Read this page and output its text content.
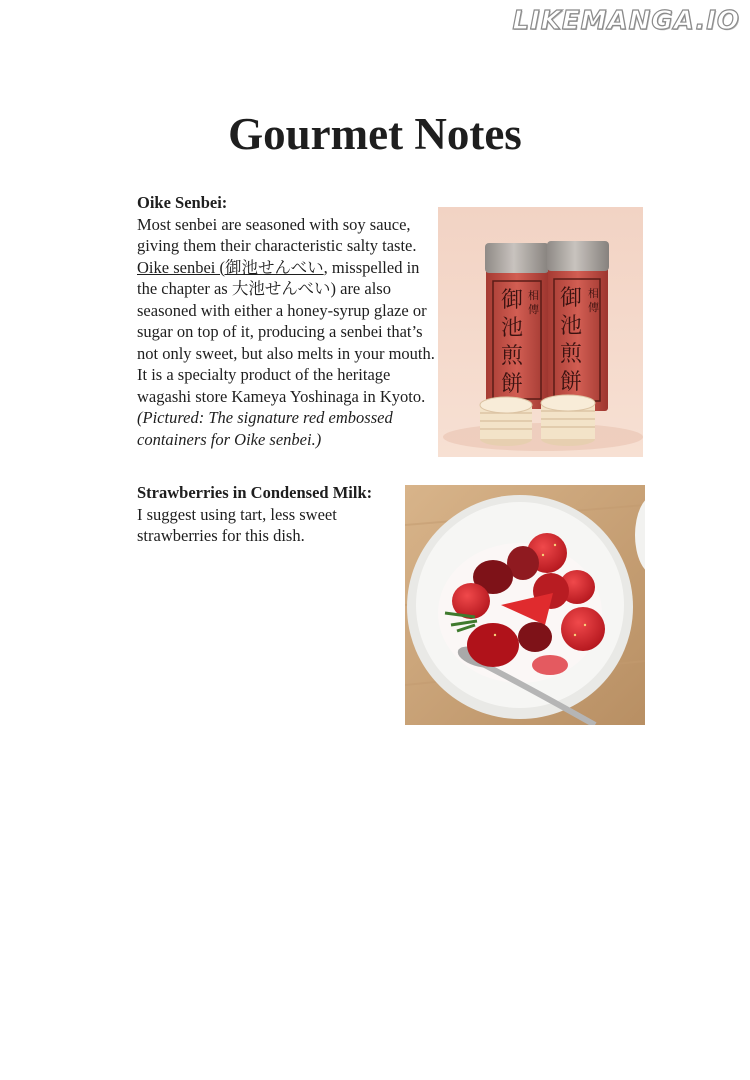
LIKEMANGA.IO
Gourmet Notes
Oike Senbei:
Most senbei are seasoned with soy sauce, giving them their characteristic salty taste. Oike senbei (御池せんべい, misspelled in the chapter as 大池せんべい) are also seasoned with either a honey-syrup glaze or sugar on top of it, producing a senbei that’s not only sweet, but also melts in your mouth. It is a specialty product of the heritage wagashi store Kameya Yoshinaga in Kyoto. (Pictured: The signature red embossed containers for Oike senbei.)
御
池
煎
餅
相
傳 御
池
煎
餅
相
傳
Strawberries in Condensed Milk:
I suggest using tart, less sweet strawberries for this dish.
